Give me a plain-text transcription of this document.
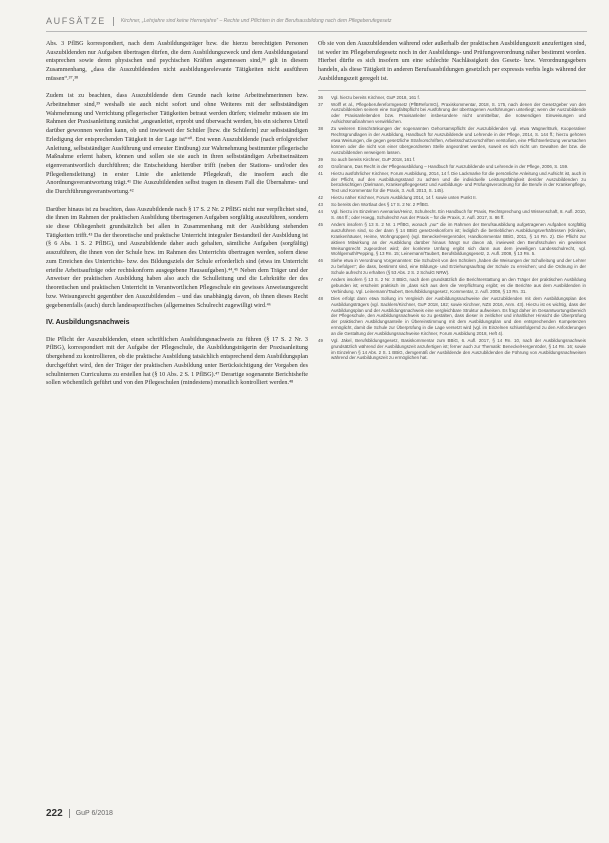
AUFSÄTZE	Kirchner, „Lehrjahre sind keine Herrenjahre“ – Rechte und Pflichten in der Berufsausbildung nach dem Pflegeberufegesetz

Abs. 3 PflBG korrespondiert, nach dem Ausbildungsträger bzw. die hierzu berechtigten Personen Auszubildenden nur Aufgaben übertragen dürfen, die dem Ausbildungszweck und dem Ausbildungsstand entsprechen sowie deren physischen und psychischen Kräften angemessen sind,³⁶ gilt in diesem Zusammenhang, „dass die Auszubildenden nicht ausbildungsrelevante Tätigkeiten nicht ausführen müssen“.³⁷,³⁸

Zudem ist zu beachten, dass Auszubildende dem Grunde nach keine Arbeitnehmerinnen bzw. Arbeitnehmer sind,³⁹ weshalb sie auch nicht sofort und ohne Weiteres mit der selbstständigen Wahrnehmung und Verrichtung pflegerischer Tätigkeiten betraut werden dürfen; vielmehr müssen sie im Rahmen der Praxisanleitung zunächst „angeanleitet, erprobt und überwacht werden, bis ein sicheres Urteil darüber gewonnen werden kann, ob und inwieweit der Schüler [bzw. die Schülerin] zur selbstständigen Erledigung der entsprechenden Tätigkeit in der Lage ist“⁴⁰. Erst wenn Auszubildende (nach erfolgreicher Anleitung, selbstständiger Ausführung und erneuter Einübung) zur Wahrnehmung bestimmter pflegerische Maßnahme erlernt haben, können und sollen sie sie auch in ihren selbstständigen Arbeitseinsätzen eigenverantwortlich durchführen; die Entscheidung hierüber trifft (neben der Stations- und/oder des Pflegedienstleitung) in erster Linie die anleitende Pflegekraft, die insofern auch die Anordnungsverantwortung trägt.⁴¹ Die Auszubildenden selbst tragen in diesem Fall die Übernahme- und die Durchführungsverantwortung.⁴²

Darüber hinaus ist zu beachten, dass Auszubildende nach § 17 S. 2 Nr. 2 PflBG nicht nur verpflichtet sind, die ihnen im Rahmen der praktischen Ausbildung übertragenen Aufgaben sorgfältig auszuführen, sondern sie diese Obliegenheit grundsätzlich bei allen in Zusammenhang mit der Ausbildung stehenden Tätigkeiten trifft.⁴³ Da der theoretische und praktische Unterricht integraler Bestandteil der Ausbildung ist (§ 6 Abs. 1 S. 2 PflBG), und Auszubildende daher auch gehalten, sämtliche Aufgaben (sorgfältig) auszuführen, die ihnen von der Schule bzw. im Rahmen des Unterrichts übertragen werden, sofern diese zum Erreichen des Unterrichts- bzw. des Bildungsziels der Schule erforderlich sind (etwa im Unterricht erteilte Arbeitsaufträge oder rechtskonform ausgegebene Hausaufgaben).⁴⁴,⁴⁵ Neben dem Träger und der Anweiser der praktischen Ausbildung haben also auch die Schulleitung und die Lehrkräfte der des theoretischen und praktischen Unterricht in Verantwortlichen Pflegeschule ein gewisses Anweisungsrecht bzw. Weisungsrecht gegenüber den Auszubildenden – und das unabhängig davon, ob ihnen dieses Recht gegebenenfalls (auch) durch landesspezifisches (allgemeines Schulrecht zugewilligt wird.⁴⁶

IV. Ausbildungsnachweis

Die Pflicht der Auszubildenden, einen schriftlichen Ausbildungsnachweis zu führen (§ 17 S. 2 Nr. 3 PflBG), korrespondiert mit der Aufgabe der Pflegeschule, die Ausbildungsträgerin der Praxisanleitung übergehend zu kontrollieren, ob die praktische Ausbildung tatsächlich entsprechend dem Ausbildungsplan durchgeführt wird, den der Träger der praktischen Ausbildung unter Berücksichtigung der Vorgaben des schulinternen Curriculums zu erstellen hat (§ 10 Abs. 2 S. 1 PflBG).⁴⁷ Derartige sogenannte Berichtshefte sollen wöchentlich geführt und von den Pflegeschulen (mindestens) monatlich kontrolliert werden.⁴⁸

Ob sie von den Auszubildenden während oder außerhalb der praktischen Ausbildungszeit anzufertigen sind, ist weder im Pflegeberufegesetz noch in der Ausbildungs- und Prüfungsverordnung näher bestimmt worden. Hierbei dürfte es sich insofern um eine schlechte Nachlässigkeit des Gesetz- bzw. Verordnungsgebers handeln, als diese Tätigkeit in anderen Berufsausbildungen gesetzlich per expressis verbis legis während der Ausbildungszeit geregelt ist.

36	Vgl. hierzu bereits Kirchner, GuP 2018, 161 f.
37	Wolff et al., Pflegeberufereformgesetz (PflBReformG), Praxiskommentar, 2018, S. 175, nach denen der Gesetzgeber von den Auszubildenden seinem eine Sorgfaltspflicht bei Ausführung der übertragenen Ausführungen unterliegt; wenn der Auszubildende oder Praxisanleitenden bzw. Praxisanleiter insbesondere nicht unmittelbar, die notwendigen Einweisungen und Aufsichtsmaßnahmen verwirklichen.
38	Zu weiteren Einschränkungen der sogenannten Gehorsamspflicht der Auszubildenden vgl. etwa Wagner/Burk, Kooperativer Rechtsgrundlagen in der Ausbildung, Handbuch für Auszubildende und Lehrende in der Pflege, 2014, S. 144 ff.; hierzu gehören etwa Weisungen, die gegen gesetzliche Strafvorschriften, Arbeitsschutzvorschriften verstoßen, eine Pflichtverletzung verursachen können oder die nicht von einer übergeordneten Stelle angeordnet werden, soweit es sich nicht um Gewalten der bzw. die Auszubildenden verweigern lassen.
39	So auch bereits Kirchner, GuP 2018, 161 f.
40	Großmann, Das Recht in der Pflegeausbildung – Handbuch für Auszubildende und Lehrende in der Pflege, 2006, S. 159.
41	Hierzu ausführlicher Kirchner, Forum Ausbildung, 2014, 14 f. Die Lackmarke für die persönliche Anleitung und Aufsicht ist, auch in der Pflicht, auf den Ausbildungsstand zu achten und die individuelle Leistungsfähigkeit des/der Auszubildenden zu berücksichtigen (Dielmann, Krankenpflegegesetz und Ausbildungs- und Prüfungsverordnung für die Berufe in der Krankenpflege, Text und Kommentar für die Praxis, 3. Aufl. 2013, S. 145).
42	Hierzu näher Kirchner, Forum Ausbildung 2014, 14 f. sowie unten Punkt II.
43	So bereits den Wortlaut des § 17 S. 2 Nr. 2 PflBG.
44	Vgl. hierzu im Einzelnen Avenarius/Heinz, Schulrecht. Ein Handbuch für Praxis, Rechtsprechung und Wissenschaft, 8. Aufl. 2010, S. 464 ff.; oder Hoegg, Schulrecht! Aus der Praxis – für die Praxis, 2. Aufl. 2017, S. 86 ff.
45	Anders insofern § 13 S. 2 Nr. 1 PflBG, wonach „nur“ die im Rahmen der Berufsausbildung aufgetragenen Aufgaben sorgfältig auszuführen sind, so der dann § 14 BBiG gesetzeskonform ist; lediglich die betrieblichen Ausbildungsverhältnissen (Kliniken, Krankenhäuser, Heime, Wohngruppen) (vgl. Benecke/Hergenröder, Handkommentar BBiG, 2011, § 14 Rn. 2). Die Pflicht zur aktiven Mitwirkung an der Ausbildung darüber hinaus hängt nur davon ab, inwieweit den Berufsschulen ein gewisses Weisungsrecht zugeordnet wird; der konkrete Umfang ergibt sich dann aus dem jeweiligen Landesschulrecht, vgl. Wohlgemuth/Pepping, § 13 Rn. 15; Leinemann/Taubert, Berufsbildungsgesetz, 2. Aufl. 2008, § 13 Rn. 5.
46	Siehe etwa in Verordnung Vorgenannten: Die Schulzeit von den Schülern „haben die Weisungen der Schulleitung und der Lehrer zu befolgen“; die dass, bestimmt sind, eine Bildungs- und Erziehungsauftrag der Schule zu erreichen; und die Ordnung in der Schule aufrecht zu erhalten (§ 53 Abs. 2 S. 2 SchulG NRW).
47	Anders insofern § 13 S. 2 Nr. 3 BBiG, nach dem grundsätzlich die Berichterstattung an den Träger der praktischen Ausbildung gebunden ist; erscheint praktisch im „dass sich aus dem die Verpflichtung ergibt; es die Berichte aus dem Ausbildenden in Verbindung. Vgl. Leinemann/Taubert, Berufsbildungsgesetz, Kommentar, 2. Aufl. 2008, § 13 Rn. 31.
48	Dies erfolgt dann etwa Sollung im Vergleich der Ausbildungsnachweise der Auszubildenden mit dem Ausbildungsplan des Ausbildungsträgers (vgl. Sacklers/Kirchner, GuP 2018, 182; sowie Kirchner, NZS 2016, Anm. 43). Hierzu ist es wichtig, dass der Ausbildungsplan und der Ausbildungsnachweis eine vergleichbare Struktur aufweisen. Es fragt daher im Gesamtwortungsbereich der Pflegeschule, den Ausbildungsnachweis so zu gestalten, dass dieser in zeitlicher und inhaltlicher Hinsicht die Überprüfung der praktischen Ausbildungsanteile in Übereinstimmung mit dem Ausbildungsplan und den entsprechenden Kompetenzen ermöglicht, damit die Schule zur Überprüfung in die Lage versetzt wird (vgl. im Einzelnen schlussfolgernd zu den Anforderungen an die Gestaltung der Ausbildungsnachweise Kirchner, Forum Ausbildung 2018, Heft 4).
49	Vgl. Jäkel, Berufsbildungsgesetz, Basiskommentar zum BBiG, 6. Aufl. 2017, § 14 Rn. 10, nach der Ausbildungsnachweis grundsätzlich während der Ausbildungszeit anzufertigen ist; ferner auch zur Thematik: Benecke/Hergenröder, § 14 Rn. 16; sowie im Einzelnen § 14 Abs. 2 S. 1 BBiG, demgemäß der Ausbildende den Auszubildenden die Führung von Ausbildungsnachweisen während der Ausbildungszeit zu ermöglichen hat.
222 GuP 6/2018
